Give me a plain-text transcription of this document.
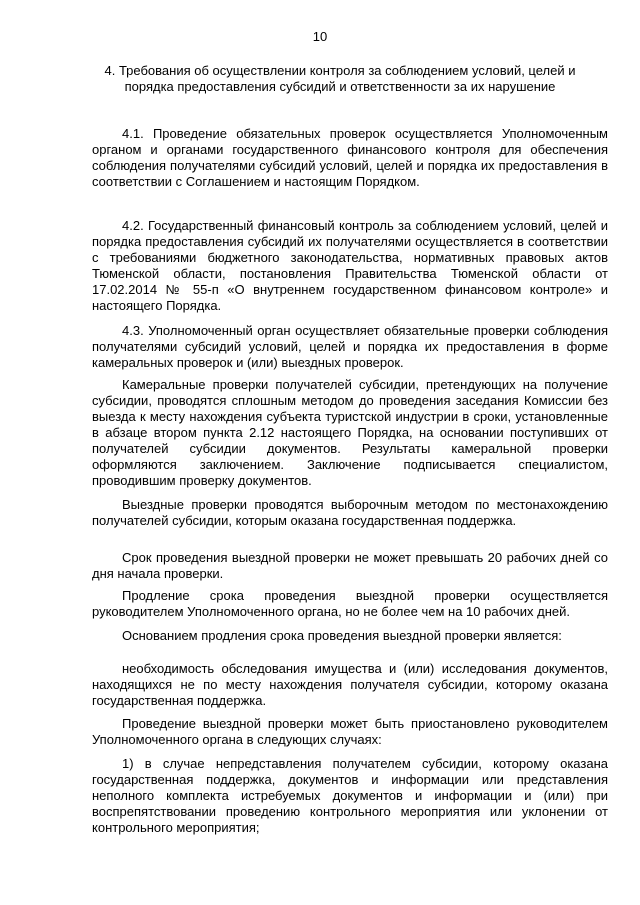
10
4. Требования об осуществлении контроля за соблюдением условий, целей и порядка предоставления субсидий и ответственности за их нарушение

4.1. Проведение обязательных проверок осуществляется Уполномоченным органом и органами государственного финансового контроля для обеспечения соблюдения получателями субсидий условий, целей и порядка их предоставления в соответствии с Соглашением и настоящим Порядком.

4.2. Государственный финансовый контроль за соблюдением условий, целей и порядка предоставления субсидий их получателями осуществляется в соответствии с требованиями бюджетного законодательства, нормативных правовых актов Тюменской области, постановления Правительства Тюменской области от 17.02.2014 № 55-п «О внутреннем государственном финансовом контроле» и настоящего Порядка.

4.3. Уполномоченный орган осуществляет обязательные проверки соблюдения получателями субсидий условий, целей и порядка их предоставления в форме камеральных проверок и (или) выездных проверок.

Камеральные проверки получателей субсидии, претендующих на получение субсидии, проводятся сплошным методом до проведения заседания Комиссии без выезда к месту нахождения субъекта туристской индустрии в сроки, установленные в абзаце втором пункта 2.12 настоящего Порядка, на основании поступивших от получателей субсидии документов. Результаты камеральной проверки оформляются заключением. Заключение подписывается специалистом, проводившим проверку документов.

Выездные проверки проводятся выборочным методом по местонахождению получателей субсидии, которым оказана государственная поддержка.

Срок проведения выездной проверки не может превышать 20 рабочих дней со дня начала проверки.

Продление срока проведения выездной проверки осуществляется руководителем Уполномоченного органа, но не более чем на 10 рабочих дней.

Основанием продления срока проведения выездной проверки является:

необходимость обследования имущества и (или) исследования документов, находящихся не по месту нахождения получателя субсидии, которому оказана государственная поддержка.

Проведение выездной проверки может быть приостановлено руководителем Уполномоченного органа в следующих случаях:

1) в случае непредставления получателем субсидии, которому оказана государственная поддержка, документов и информации или представления неполного комплекта истребуемых документов и информации и (или) при воспрепятствовании проведению контрольного мероприятия или уклонении от контрольного мероприятия;
